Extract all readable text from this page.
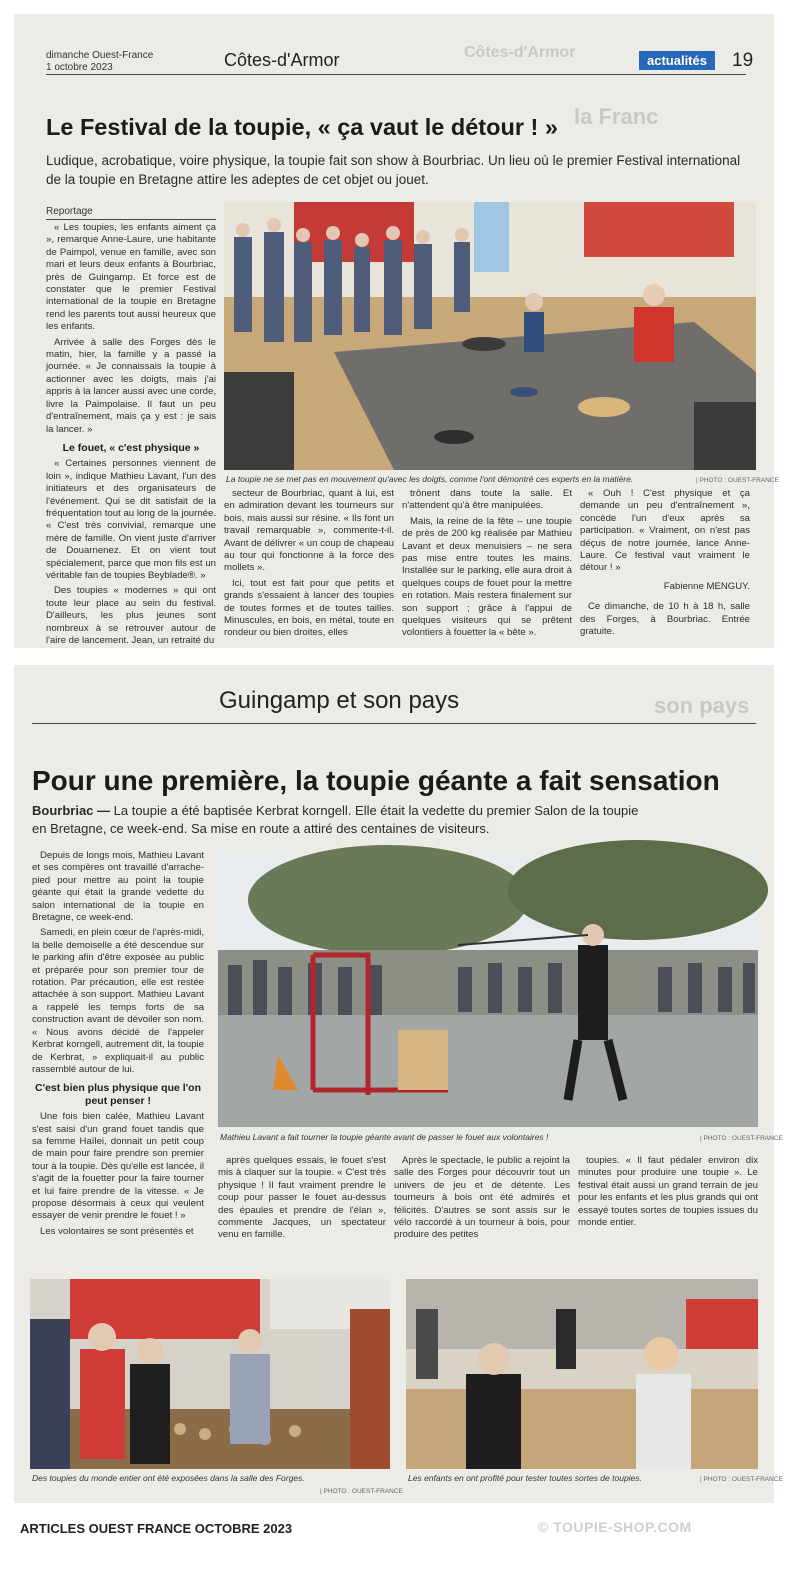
Côtes-d'Armor
la Franc
dimanche Ouest-France
1 octobre 2023	Côtes-d'Armor	actualités	19
Le Festival de la toupie, « ça vaut le détour ! »
Ludique, acrobatique, voire physique, la toupie fait son show à Bourbriac. Un lieu où le premier Festival international de la toupie en Bretagne attire les adeptes de cet objet ou jouet.
Reportage

« Les toupies, les enfants aiment ça », remarque Anne-Laure, une habitante de Paimpol, venue en famille, avec son mari et leurs deux enfants à Bourbriac, près de Guingamp. Et force est de constater que le premier Festival international de la toupie en Bretagne rend les parents tout aussi heureux que les enfants.

Arrivée à salle des Forges dès le matin, hier, la famille y a passé la journée. « Je connaissais la toupie à actionner avec les doigts, mais j'ai appris à la lancer aussi avec une corde, livre la Paimpolaise. Il faut un peu d'entraînement, mais ça y est : je sais la lancer. »

Le fouet, « c'est physique »

« Certaines personnes viennent de loin », indique Mathieu Lavant, l'un des initiateurs et des organisateurs de l'événement. Qui se dit satisfait de la fréquentation tout au long de la journée. « C'est très convivial, remarque une mère de famille. On vient juste d'arriver de Douarnenez. Et on vient tout spécialement, parce que mon fils est un véritable fan de toupies Beyblade®. »

Des toupies « modernes » qui ont toute leur place au sein du festival. D'ailleurs, les plus jeunes sont nombreux à se retrouver autour de l'aire de lancement. Jean, un retraité du

La toupie ne se met pas en mouvement qu'avec les doigts, comme l'ont démontré ces experts en la matière.	| PHOTO : OUEST-FRANCE

secteur de Bourbriac, quant à lui, est en admiration devant les tourneurs sur bois, mais aussi sur résine. « Ils font un travail remarquable », commente-t-il. Avant de délivrer « un coup de chapeau au tour qui fonctionne à la force des mollets ».

Ici, tout est fait pour que petits et grands s'essaient à lancer des toupies de toutes formes et de toutes tailles. Minuscules, en bois, en métal, toute en rondeur ou bien droites, elles

trônent dans toute la salle. Et n'attendent qu'à être manipulées.

Mais, la reine de la fête – une toupie de près de 200 kg réalisée par Mathieu Lavant et deux menuisiers – ne sera pas mise entre toutes les mains. Installée sur le parking, elle aura droit à quelques coups de fouet pour la mettre en rotation. Mais restera finalement sur son support ; grâce à l'appui de quelques visiteurs qui se prêtent volontiers à fouetter la « bête ».

« Ouh ! C'est physique et ça demande un peu d'entraînement », concède l'un d'eux après sa participation. « Vraiment, on n'est pas déçus de notre journée, lance Anne-Laure. Ce festival vaut vraiment le détour ! »

Fabienne MENGUY.

Ce dimanche, de 10 h à 18 h, salle des Forges, à Bourbriac. Entrée gratuite.

son pays
Guingamp et son pays
Pour une première, la toupie géante a fait sensation
Bourbriac — La toupie a été baptisée Kerbrat korngell. Elle était la vedette du premier Salon de la toupie en Bretagne, ce week-end. Sa mise en route a attiré des centaines de visiteurs.

Depuis de longs mois, Mathieu Lavant et ses compères ont travaillé d'arrache-pied pour mettre au point la toupie géante qui était la grande vedette du salon international de la toupie en Bretagne, ce week-end.

Samedi, en plein cœur de l'après-midi, la belle demoiselle a été descendue sur le parking afin d'être exposée au public et préparée pour son premier tour de rotation. Par précaution, elle est restée attachée à son support. Mathieu Lavant a rappelé les temps forts de sa construction avant de dévoiler son nom. « Nous avons décidé de l'appeler Kerbrat korngell, autrement dit, la toupie de Kerbrat, » expliquait-il au public rassemblé autour de lui.

C'est bien plus physique que l'on peut penser !

Une fois bien calée, Mathieu Lavant s'est saisi d'un grand fouet tandis que sa femme Haïlei, donnait un petit coup de main pour faire prendre son premier tour à la toupie. Dès qu'elle est lancée, il s'agit de la fouetter pour la faire tourner et lui faire prendre de la vitesse. « Je propose désormais à ceux qui veulent essayer de venir prendre le fouet ! »

Les volontaires se sont présentés et

Mathieu Lavant a fait tourner la toupie géante avant de passer le fouet aux volontaires !	| PHOTO : OUEST-FRANCE

après quelques essais, le fouet s'est mis à claquer sur la toupie. « C'est très physique ! Il faut vraiment prendre le coup pour passer le fouet au-dessus des épaules et prendre de l'élan », commente Jacques, un spectateur venu en famille.

Après le spectacle, le public a rejoint la salle des Forges pour découvrir tout un univers de jeu et de détente. Les tourneurs à bois ont été admirés et félicités. D'autres se sont assis sur le vélo raccordé à un tourneur à bois, pour produire des petites

toupies. « Il faut pédaler environ dix minutes pour produire une toupie ». Le festival était aussi un grand terrain de jeu pour les enfants et les plus grands qui ont essayé toutes sortes de toupies issues du monde entier.

Des toupies du monde entier ont été exposées dans la salle des Forges.
| PHOTO : OUEST-FRANCE
Les enfants en ont profité pour tester toutes sortes de toupies.	| PHOTO : OUEST-FRANCE
ARTICLES OUEST FRANCE OCTOBRE 2023	© TOUPIE-SHOP.COM
